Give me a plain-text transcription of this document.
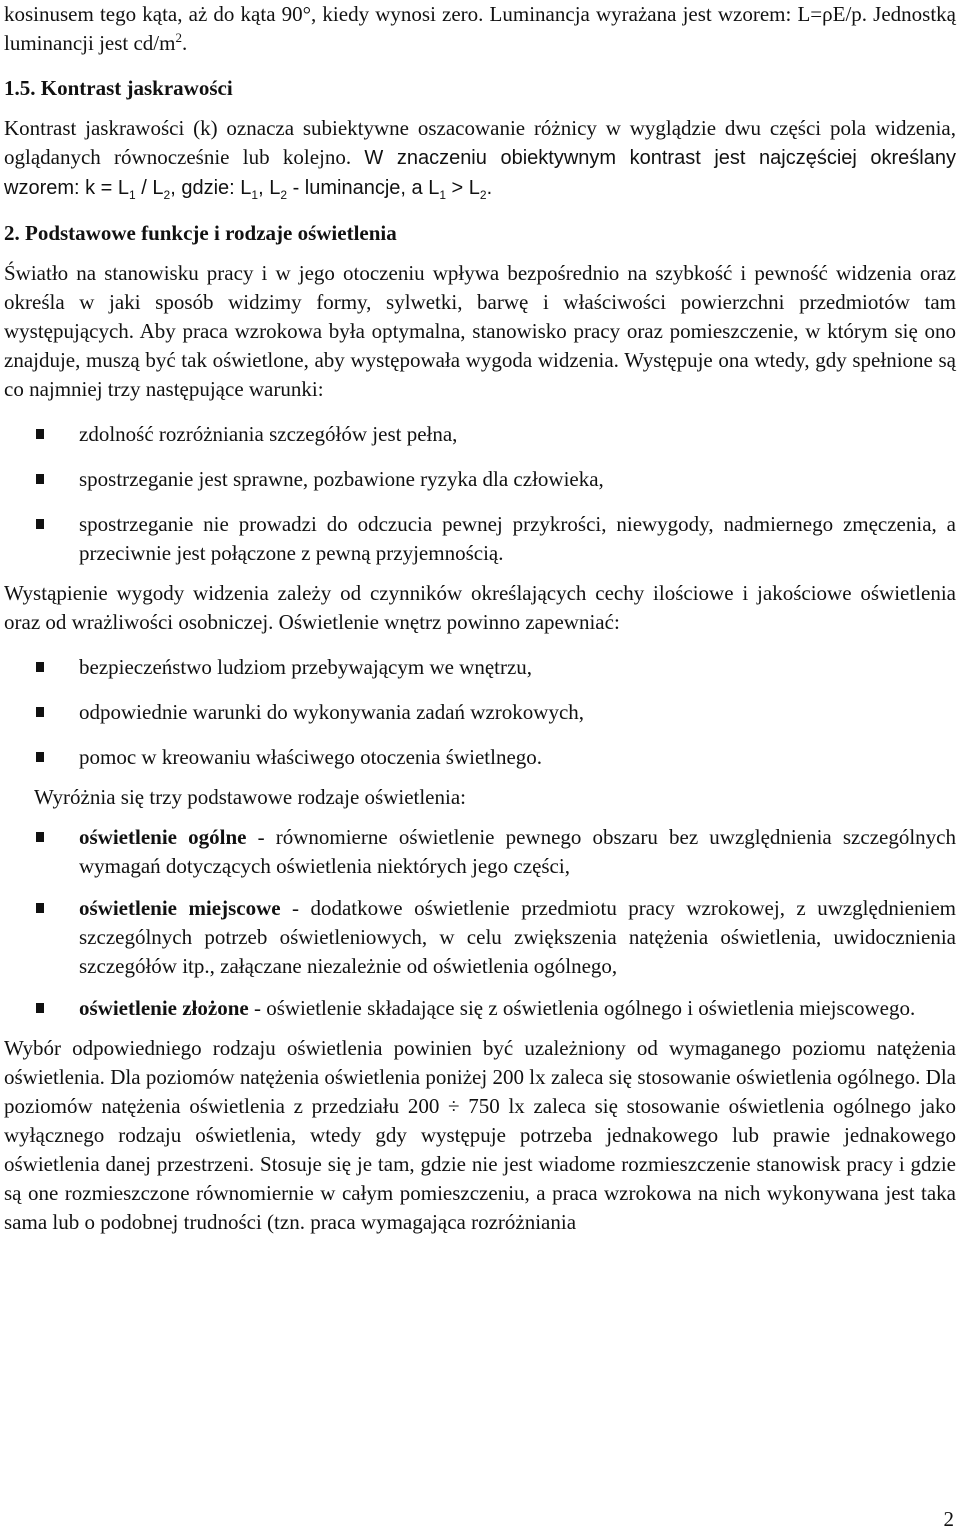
kosinusem tego kąta, aż do kąta 90°, kiedy wynosi zero. Luminancja wyrażana jest wzorem: L=ρE/p. Jednostką luminancji jest $cd/m^2$.

1.5. Kontrast jaskrawości

Kontrast jaskrawości (k) oznacza subiektywne oszacowanie różnicy w wyglądzie dwu części pola widzenia, oglądanych równocześnie lub kolejno. W znaczeniu obiektywnym kontrast jest najczęściej określany wzorem: $k = L_1 / L_2$, gdzie: $L_1$, $L_2$ - luminancje, a $L_1 > L_2$.

2. Podstawowe funkcje i rodzaje oświetlenia

Światło na stanowisku pracy i w jego otoczeniu wpływa bezpośrednio na szybkość i pewność widzenia oraz określa w jaki sposób widzimy formy, sylwetki, barwę i właściwości powierzchni przedmiotów tam występujących. Aby praca wzrokowa była optymalna, stanowisko pracy oraz pomieszczenie, w którym się ono znajduje, muszą być tak oświetlone, aby występowała wygoda widzenia. Występuje ona wtedy, gdy spełnione są co najmniej trzy następujące warunki:

zdolność rozróżniania szczegółów jest pełna,
spostrzeganie jest sprawne, pozbawione ryzyka dla człowieka,
spostrzeganie nie prowadzi do odczucia pewnej przykrości, niewygody, nadmiernego zmęczenia, a przeciwnie jest połączone z pewną przyjemnością.

Wystąpienie wygody widzenia zależy od czynników określających cechy ilościowe i jakościowe oświetlenia oraz od wrażliwości osobniczej. Oświetlenie wnętrz powinno zapewniać:

bezpieczeństwo ludziom przebywającym we wnętrzu,
odpowiednie warunki do wykonywania zadań wzrokowych,
pomoc w kreowaniu właściwego otoczenia świetlnego.

Wyróżnia się trzy podstawowe rodzaje oświetlenia:

oświetlenie ogólne - równomierne oświetlenie pewnego obszaru bez uwzględnienia szczególnych wymagań dotyczących oświetlenia niektórych jego części,
oświetlenie miejscowe - dodatkowe oświetlenie przedmiotu pracy wzrokowej, z uwzględnieniem szczególnych potrzeb oświetleniowych, w celu zwiększenia natężenia oświetlenia, uwidocznienia szczegółów itp., załączane niezależnie od oświetlenia ogólnego,
oświetlenie złożone - oświetlenie składające się z oświetlenia ogólnego i oświetlenia miejscowego.

Wybór odpowiedniego rodzaju oświetlenia powinien być uzależniony od wymaganego poziomu natężenia oświetlenia. Dla poziomów natężenia oświetlenia poniżej 200 lx zaleca się stosowanie oświetlenia ogólnego. Dla poziomów natężenia oświetlenia z przedziału 200 ÷ 750 lx zaleca się stosowanie oświetlenia ogólnego jako wyłącznego rodzaju oświetlenia, wtedy gdy występuje potrzeba jednakowego lub prawie jednakowego oświetlenia danej przestrzeni. Stosuje się je tam, gdzie nie jest wiadome rozmieszczenie stanowisk pracy i gdzie są one rozmieszczone równomiernie w całym pomieszczeniu, a praca wzrokowa na nich wykonywana jest taka sama lub o podobnej trudności (tzn. praca wymagająca rozróżniania

2
